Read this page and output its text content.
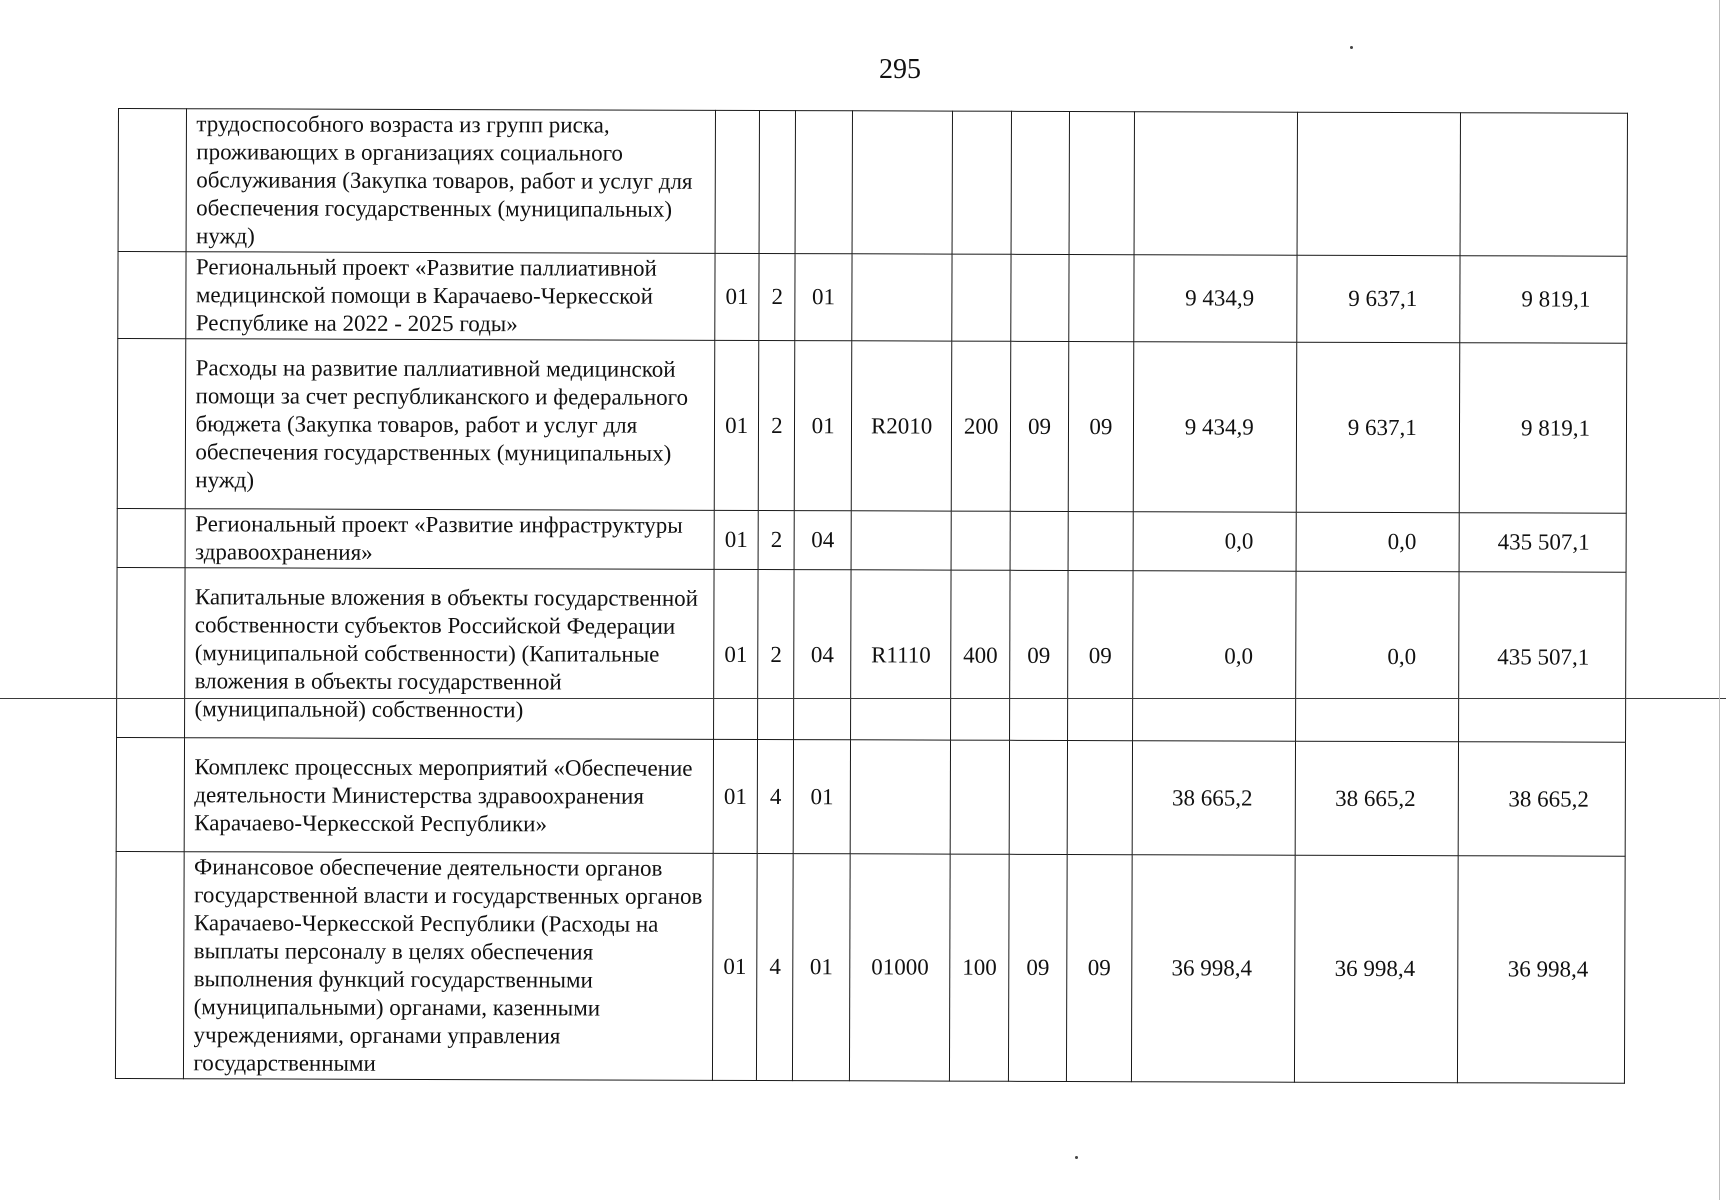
295
	трудоспособного возраста из групп риска, проживающих в организациях социального обслуживания (Закупка товаров, работ и услуг для обеспечения государственных (муниципальных) нужд)										
	Региональный проект «Развитие паллиативной медицинской помощи в Карачаево-Черкесской Республике на 2022 - 2025 годы»	01	2	01					9 434,9	9 637,1	9 819,1
	Расходы на развитие паллиативной медицинской помощи за счет республиканского и федерального бюджета (Закупка товаров, работ и услуг для обеспечения государственных (муниципальных) нужд)	01	2	01	R2010	200	09	09	9 434,9	9 637,1	9 819,1
	Региональный проект «Развитие инфраструктуры здравоохранения»	01	2	04					0,0	0,0	435 507,1
	Капитальные вложения в объекты государственной собственности субъектов Российской Федерации (муниципальной собственности) (Капитальные вложения в объекты государственной (муниципальной) собственности)	01	2	04	R1110	400	09	09	0,0	0,0	435 507,1
	Комплекс процессных мероприятий «Обеспечение деятельности Министерства здравоохранения Карачаево-Черкесской Республики»	01	4	01					38 665,2	38 665,2	38 665,2
	Финансовое обеспечение деятельности органов государственной власти и государственных органов Карачаево-Черкесской Республики (Расходы на выплаты персоналу в целях обеспечения выполнения функций государственными (муниципальными) органами, казенными учреждениями, органами управления государственными	01	4	01	01000	100	09	09	36 998,4	36 998,4	36 998,4
